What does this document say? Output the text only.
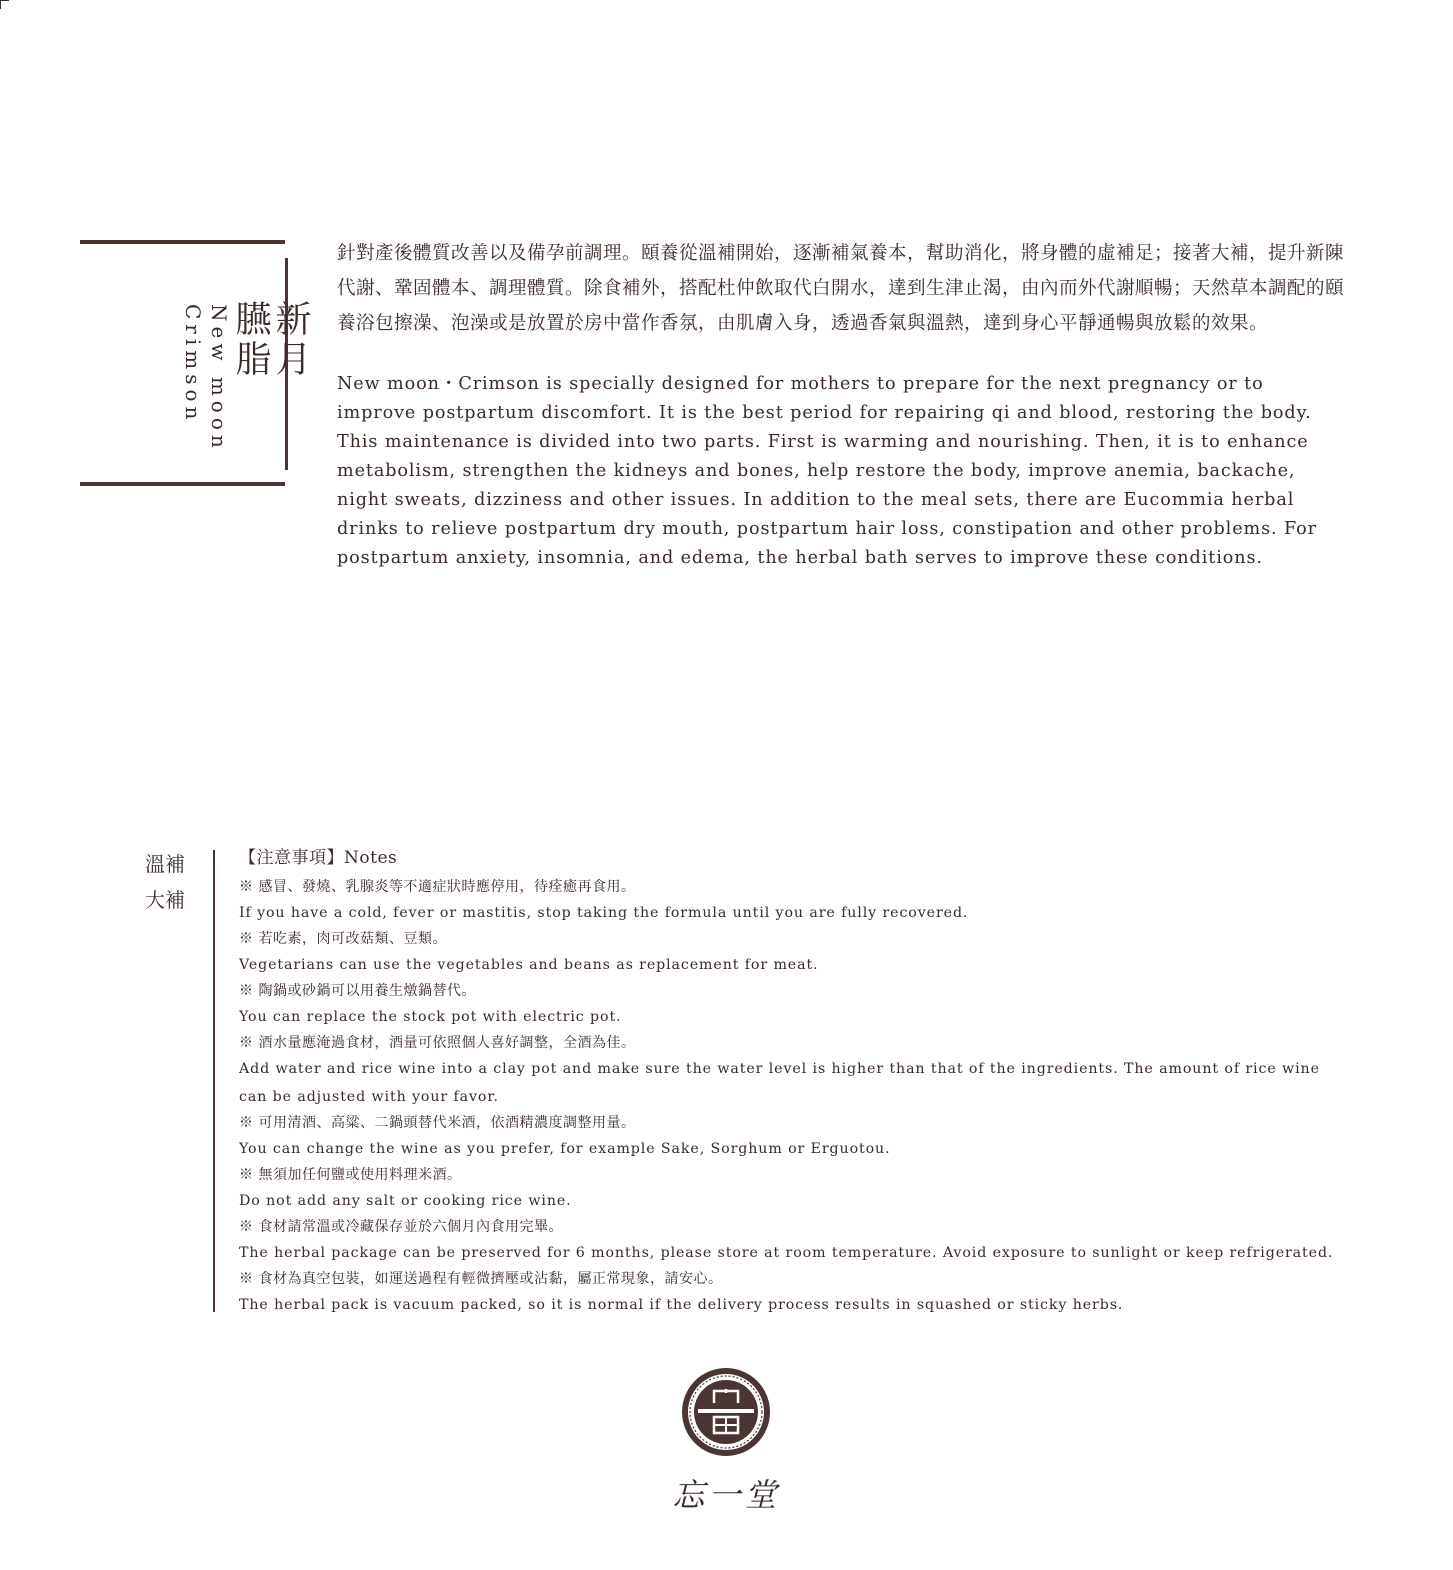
新月
臙脂
New moon
Crimson

針對產後體質改善以及備孕前調理。頤養從溫補開始，逐漸補氣養本，幫助消化，將身體的虛補足；接著大補，提升新陳代謝、鞏固體本、調理體質。除食補外，搭配杜仲飲取代白開水，達到生津止渴，由內而外代謝順暢；天然草本調配的頤養浴包擦澡、泡澡或是放置於房中當作香氛，由肌膚入身，透過香氣與溫熱，達到身心平靜通暢與放鬆的效果。

New moon・Crimson is specially designed for mothers to prepare for the next pregnancy or to improve postpartum discomfort. It is the best period for repairing qi and blood, restoring the body. This maintenance is divided into two parts. First is warming and nourishing. Then, it is to enhance metabolism, strengthen the kidneys and bones, help restore the body, improve anemia, backache, night sweats, dizziness and other issues. In addition to the meal sets, there are Eucommia herbal drinks to relieve postpartum dry mouth, postpartum hair loss, constipation and other problems. For postpartum anxiety, insomnia, and edema, the herbal bath serves to improve these conditions.

溫補
大補

【注意事項】Notes

※ 感冒、發燒、乳腺炎等不適症狀時應停用，待痊癒再食用。

If you have a cold, fever or mastitis, stop taking the formula until you are fully recovered.

※ 若吃素，肉可改菇類、豆類。

Vegetarians can use the vegetables and beans as replacement for meat.

※ 陶鍋或砂鍋可以用養生燉鍋替代。

You can replace the stock pot with electric pot.

※ 酒水量應淹過食材，酒量可依照個人喜好調整，全酒為佳。

Add water and rice wine into a clay pot and make sure the water level is higher than that of the ingredients. The amount of rice wine can be adjusted with your favor.

※ 可用清酒、高粱、二鍋頭替代米酒，依酒精濃度調整用量。

You can change the wine as you prefer, for example Sake, Sorghum or Erguotou.

※ 無須加任何鹽或使用料理米酒。

Do not add any salt or cooking rice wine.

※ 食材請常溫或冷藏保存並於六個月內食用完畢。

The herbal package can be preserved for 6 months, please store at room temperature. Avoid exposure to sunlight or keep refrigerated.

※ 食材為真空包裝，如運送過程有輕微擠壓或沾黏，屬正常現象，請安心。

The herbal pack is vacuum packed, so it is normal if the delivery process results in squashed or sticky herbs.

忘一堂
